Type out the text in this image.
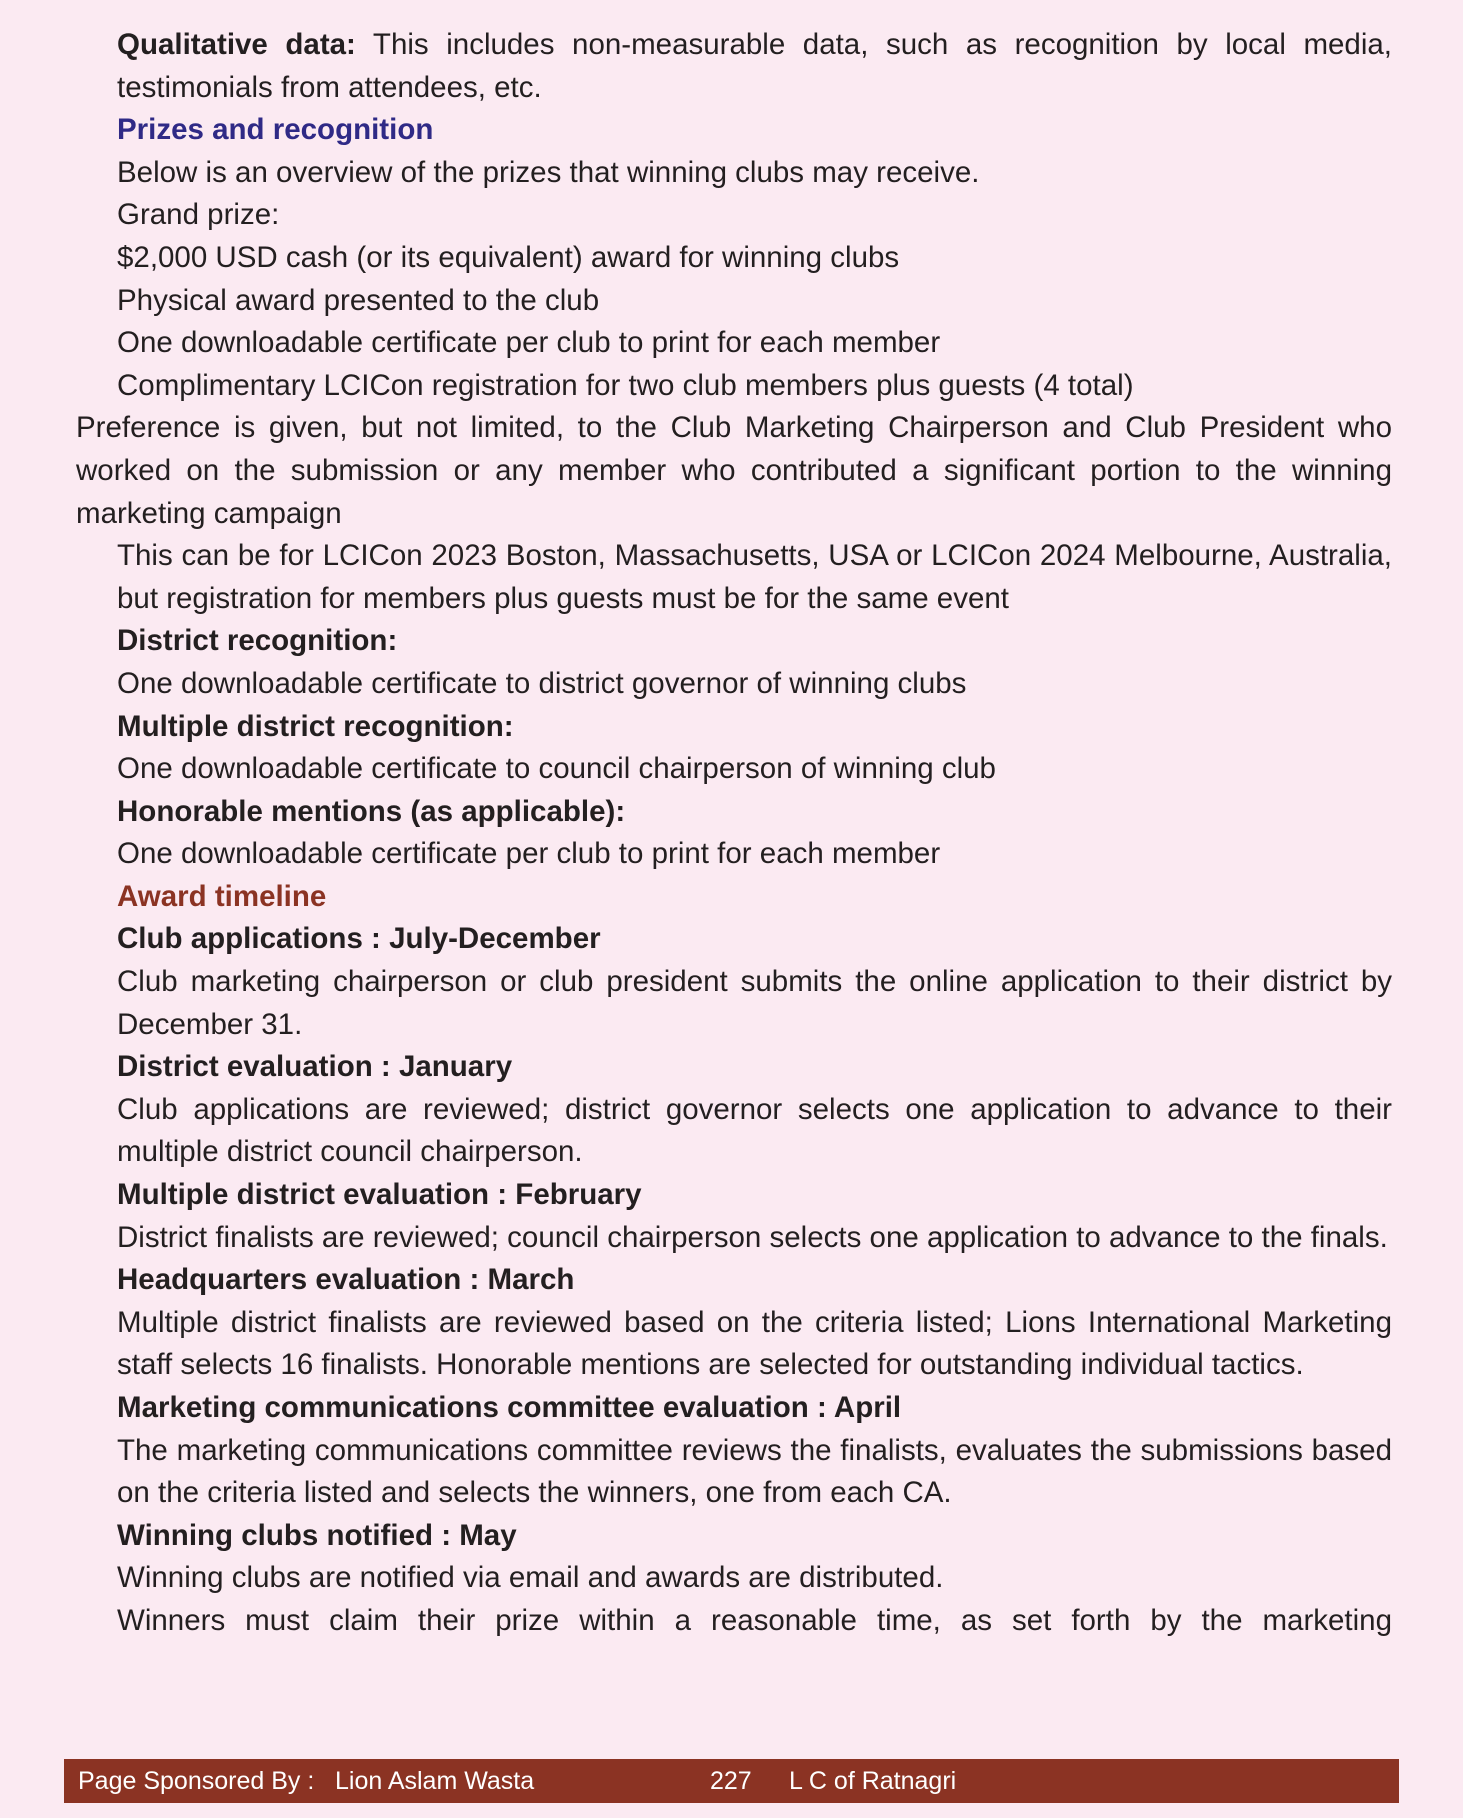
Qualitative data: This includes non-measurable data, such as recognition by local media, testimonials from attendees, etc.

Prizes and recognition

Below is an overview of the prizes that winning clubs may receive.

Grand prize:

$2,000 USD cash (or its equivalent) award for winning clubs

Physical award presented to the club

One downloadable certificate per club to print for each member

Complimentary LCICon registration for two club members plus guests (4 total)

Preference is given, but not limited, to the Club Marketing Chairperson and Club President who worked on the submission or any member who contributed a significant portion to the winning marketing campaign

This can be for LCICon 2023 Boston, Massachusetts, USA or LCICon 2024 Melbourne, Australia, but registration for members plus guests must be for the same event

District recognition:

One downloadable certificate to district governor of winning clubs

Multiple district recognition:

One downloadable certificate to council chairperson of winning club

Honorable mentions (as applicable):

One downloadable certificate per club to print for each member

Award timeline

Club applications : July-December

Club marketing chairperson or club president submits the online application to their district by December 31.

District evaluation : January

Club applications are reviewed; district governor selects one application to advance to their multiple district council chairperson.

Multiple district evaluation : February

District finalists are reviewed; council chairperson selects one application to advance to the finals.

Headquarters evaluation : March

Multiple district finalists are reviewed based on the criteria listed; Lions International Marketing staff selects 16 finalists. Honorable mentions are selected for outstanding individual tactics.

Marketing communications committee evaluation : April

The marketing communications committee reviews the finalists, evaluates the submissions based on the criteria listed and selects the winners, one from each CA.

Winning clubs notified : May

Winning clubs are notified via email and awards are distributed.

Winners must claim their prize within a reasonable time, as set forth by the marketing

Page Sponsored By : Lion Aslam Wasta	227 L C of Ratnagri
